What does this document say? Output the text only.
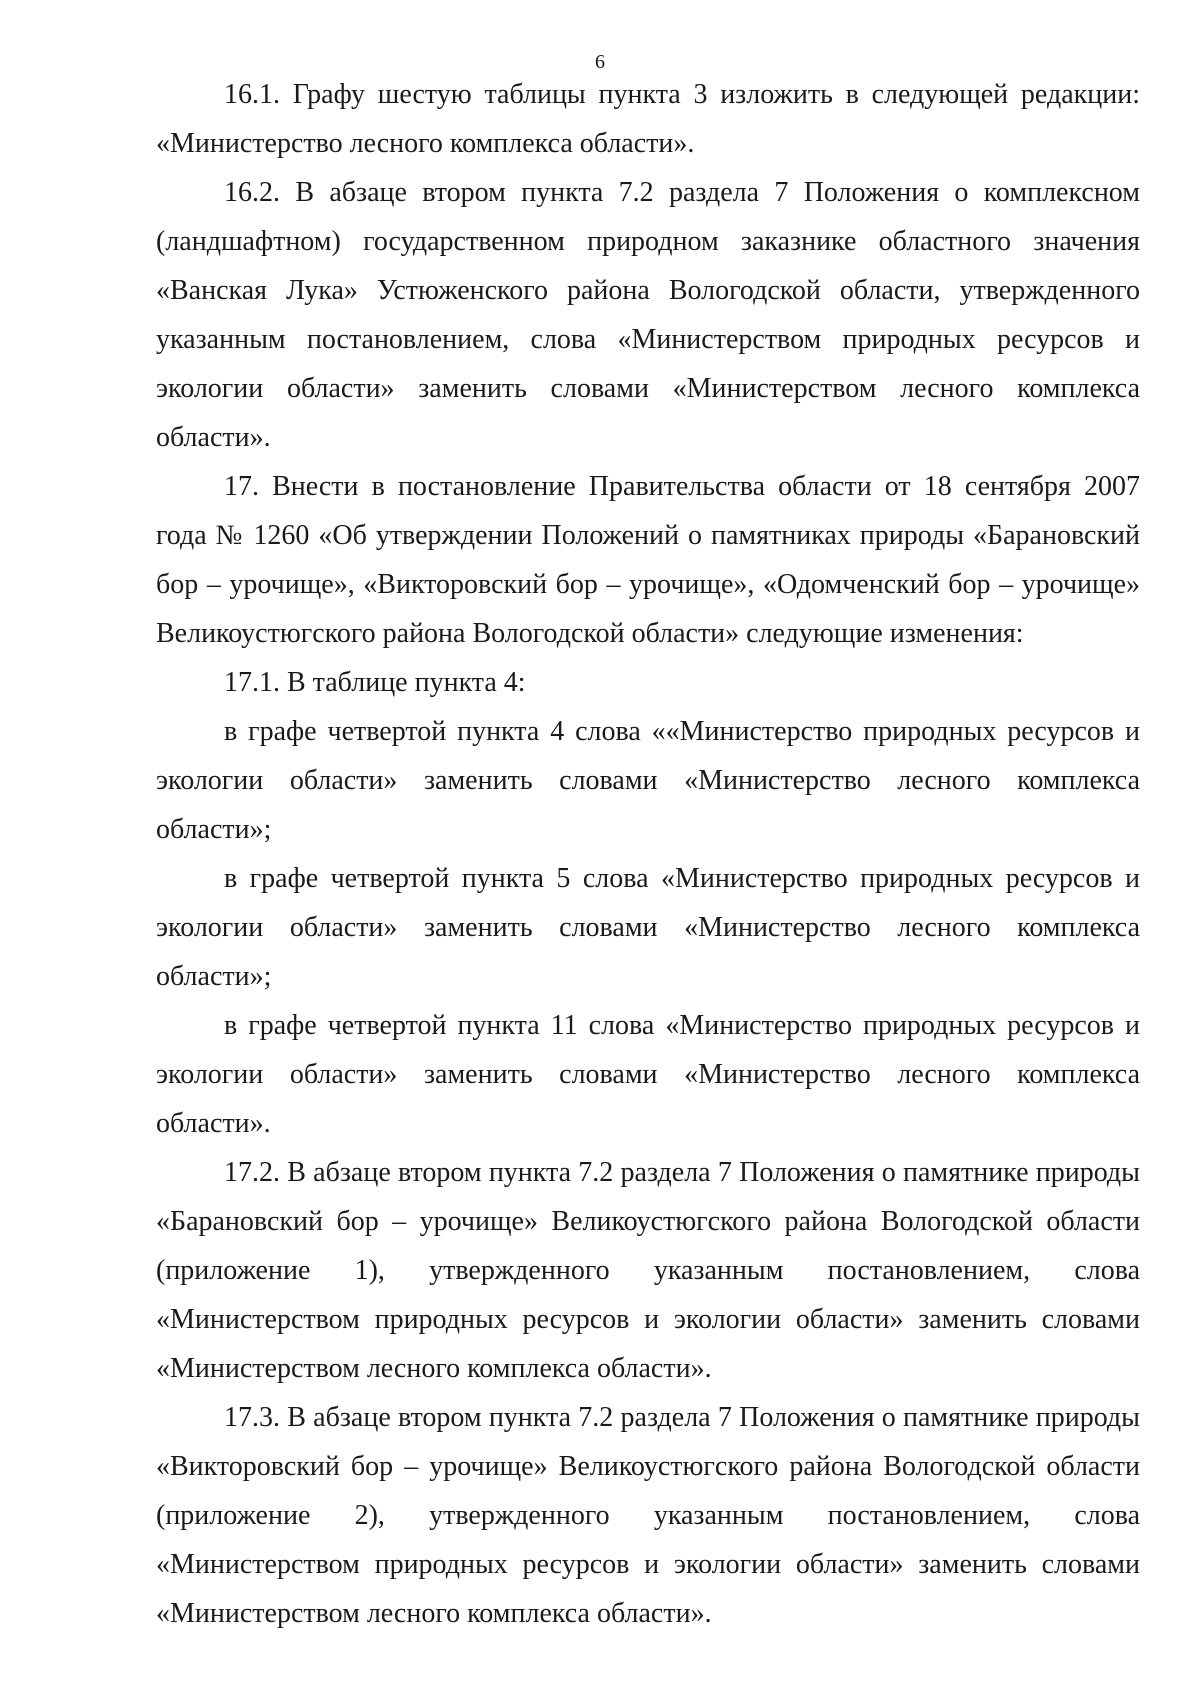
6

16.1. Графу шестую таблицы пункта 3 изложить в следующей редакции: «Министерство лесного комплекса области».

16.2. В абзаце втором пункта 7.2 раздела 7 Положения о комплексном (ландшафтном) государственном природном заказнике областного значения «Ванская Лука» Устюженского района Вологодской области, утвержденного указанным постановлением, слова «Министерством природных ресурсов и экологии области» заменить словами «Министерством лесного комплекса области».

17. Внести в постановление Правительства области от 18 сентября 2007 года № 1260 «Об утверждении Положений о памятниках природы «Барановский бор – урочище», «Викторовский бор – урочище», «Одомченский бор – урочище» Великоустюгского района Вологодской области» следующие изменения:

17.1. В таблице пункта 4:

в графе четвертой пункта 4 слова ««Министерство природных ресурсов и экологии области» заменить словами «Министерство лесного комплекса области»;

в графе четвертой пункта 5 слова «Министерство природных ресурсов и экологии области» заменить словами «Министерство лесного комплекса области»;

в графе четвертой пункта 11 слова «Министерство природных ресурсов и экологии области» заменить словами «Министерство лесного комплекса области».

17.2. В абзаце втором пункта 7.2 раздела 7 Положения о памятнике природы «Барановский бор – урочище» Великоустюгского района Вологодской области (приложение 1), утвержденного указанным постановлением, слова «Министерством природных ресурсов и экологии области» заменить словами «Министерством лесного комплекса области».

17.3. В абзаце втором пункта 7.2 раздела 7 Положения о памятнике природы «Викторовский бор – урочище» Великоустюгского района Вологодской области (приложение 2), утвержденного указанным постановлением, слова «Министерством природных ресурсов и экологии области» заменить словами «Министерством лесного комплекса области».
